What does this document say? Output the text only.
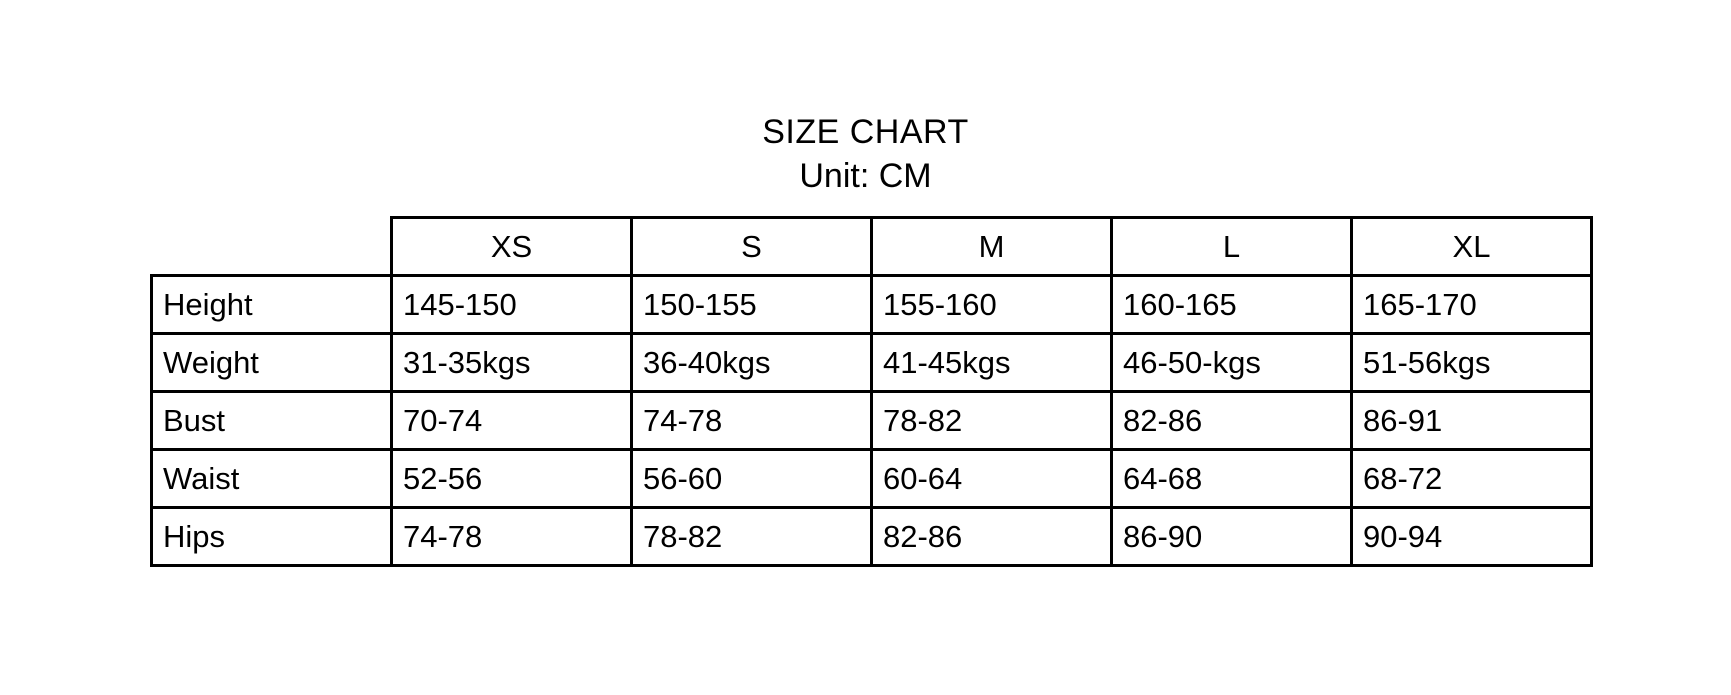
SIZE CHART
Unit: CM
	XS	S	M	L	XL
Height	145-150	150-155	155-160	160-165	165-170
Weight	31-35kgs	36-40kgs	41-45kgs	46-50-kgs	51-56kgs
Bust	70-74	74-78	78-82	82-86	86-91
Waist	52-56	56-60	60-64	64-68	68-72
Hips	74-78	78-82	82-86	86-90	90-94
